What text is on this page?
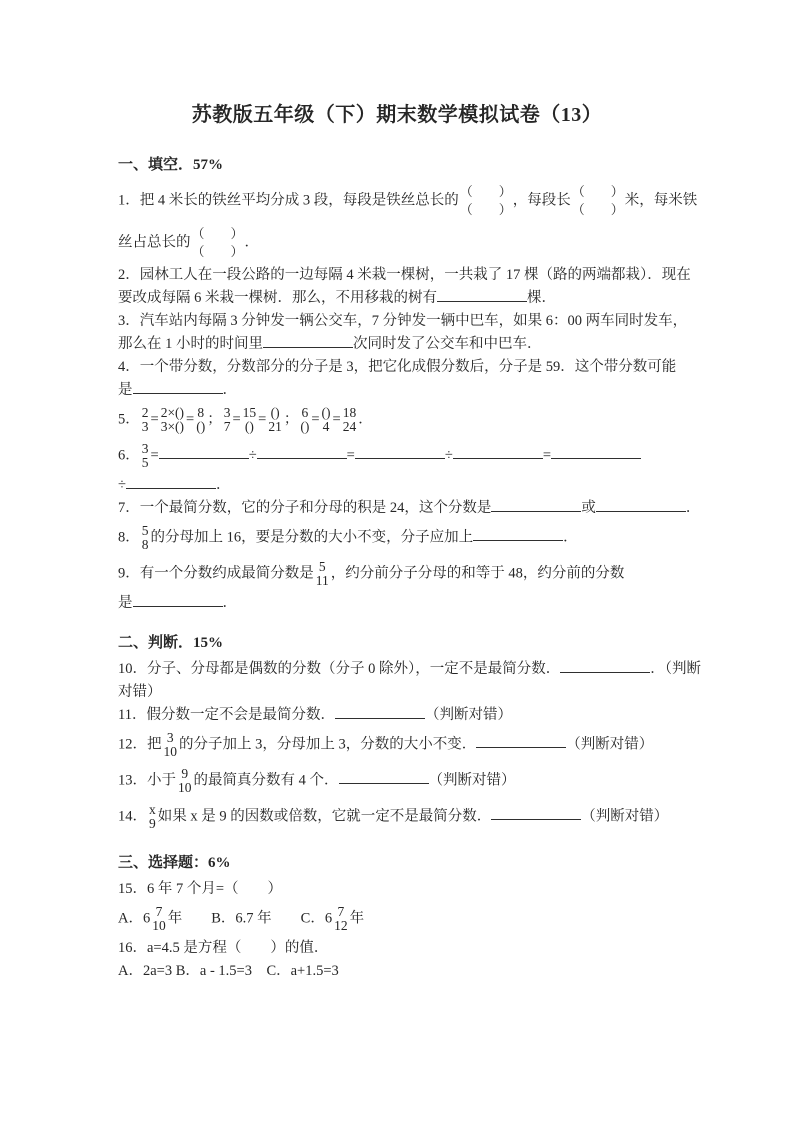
苏教版五年级（下）期末数学模拟试卷（13）
一、填空．57%
1．把 4 米长的铁丝平均分成 3 段，每段是铁丝总长的
（　　）
（　　）
，每段长
（　　）
（　　）
米，每米铁
丝占总长的
（　　）
（　　）
．
2．园林工人在一段公路的一边每隔 4 米栽一棵树，一共栽了 17 棵（路的两端都栽）．现在
要改成每隔 6 米栽一棵树．那么，不用移栽的树有	棵．
3．汽车站内每隔 3 分钟发一辆公交车，7 分钟发一辆中巴车，如果 6：00 两车同时发车，
那么在 1 小时的时间里	次同时发了公交车和中巴车．
4．一个带分数，分数部分的分子是 3，把它化成假分数后，分子是 59．这个带分数可能
是	．
5． 2
3 = 2×()
3×() = 8
() ； 3
7 = 15
() = ()
21 ； 6
() = ()
4 = 18
24 ．
6． 3
5 =	÷	=	÷	=
÷	．
7．一个最简分数，它的分子和分母的积是 24，这个分数是	或	．
8． 5
8 的分母加上 16，要是分数的大小不变，分子应加上	．
9．有一个分数约成最简分数是 5
11 ，约分前分子分母的和等于 48，约分前的分数
是	．
二、判断．15%
10．分子、分母都是偶数的分数（分子 0 除外），一定不是最简分数．	．（判断
对错）
11．假分数一定不会是最简分数．	（判断对错）
12．把 3
10 的分子加上 3，分母加上 3，分数的大小不变．	（判断对错）
13．小于 9
10 的最简真分数有 4 个．	（判断对错）
14． x
9 如果 x 是 9 的因数或倍数，它就一定不是最简分数．	（判断对错）
三、选择题：6%
15．6 年 7 个月=（　　）
A．6 7
10 年　　B．6.7 年　　C．6 7
12 年
16．a=4.5 是方程（　　）的值．
A．2a=3 B．a - 1.5=3　C．a+1.5=3
